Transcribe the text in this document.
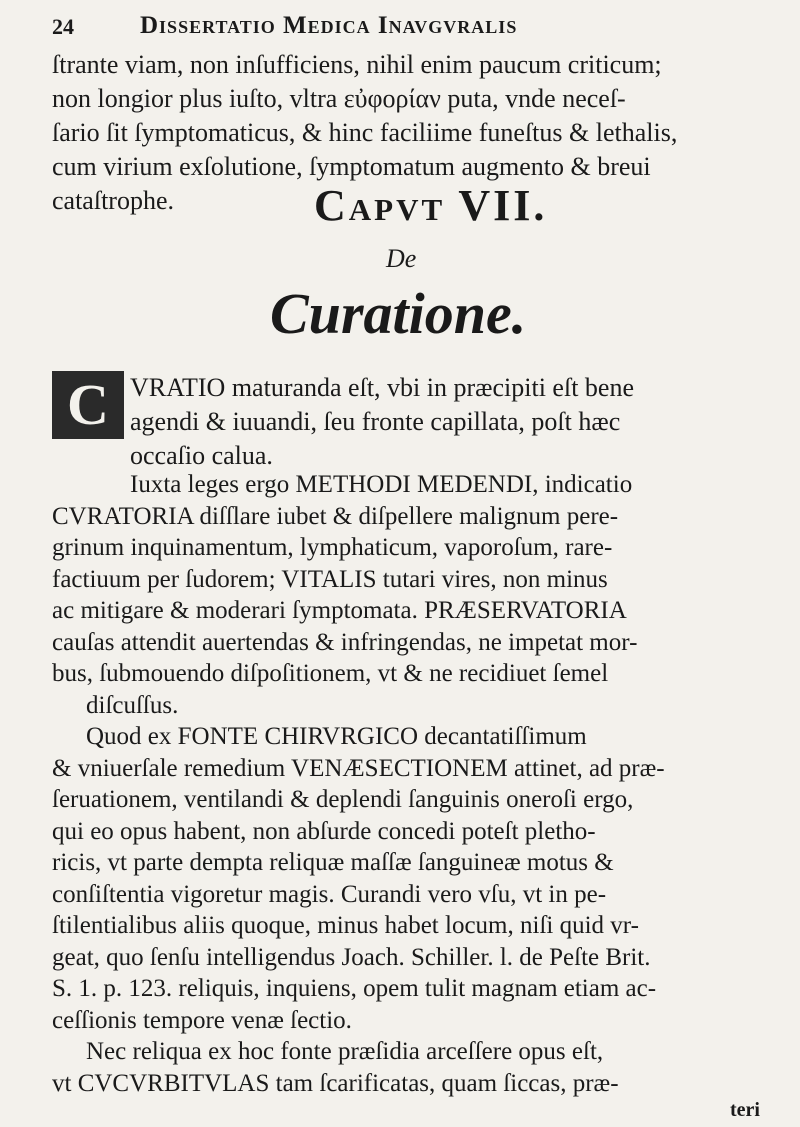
24	Dissertatio Medica Inavgvralis
ſtrante viam, non inſufficiens, nihil enim paucum criticum;
non longior plus iuſto, vltra εὐφορίαν puta, vnde neceſ-
ſario ſit ſymptomaticus, & hinc faciliime funeſtus & lethalis,
cum virium exſolutione, ſymptomatum augmento & breui
cataſtrophe.	Capvt VII.
De
Curatione.
C VRATIO maturanda eſt, vbi in præcipiti eſt bene
agendi & iuuandi, ſeu fronte capillata, poſt hæc
occaſio calua.
Iuxta leges ergo METHODI MEDENDI, indicatio
CVRATORIA diſſlare iubet & diſpellere malignum pere-
grinum inquinamentum, lymphaticum, vaporoſum, rare-
factiuum per ſudorem; VITALIS tutari vires, non minus
ac mitigare & moderari ſymptomata. PRÆSERVATORIA
cauſas attendit auertendas & infringendas, ne impetat mor-
bus, ſubmouendo diſpoſitionem, vt & ne recidiuet ſemel
diſcuſſus.
Quod ex FONTE CHIRVRGICO decantatiſſimum
& vniuerſale remedium VENÆSECTIONEM attinet, ad præ-
ſeruationem, ventilandi & deplendi ſanguinis oneroſi ergo,
qui eo opus habent, non abſurde concedi poteſt pletho-
ricis, vt parte dempta reliquæ maſſæ ſanguineæ motus &
conſiſtentia vigoretur magis. Curandi vero vſu, vt in pe-
ſtilentialibus aliis quoque, minus habet locum, niſi quid vr-
geat, quo ſenſu intelligendus Joach. Schiller. l. de Peſte Brit.
S. 1. p. 123. reliquis, inquiens, opem tulit magnam etiam ac-
ceſſionis tempore venæ ſectio.
Nec reliqua ex hoc fonte præſidia arceſſere opus eſt,
vt CVCVRBITVLAS tam ſcarificatas, quam ſiccas, præ-
teri
